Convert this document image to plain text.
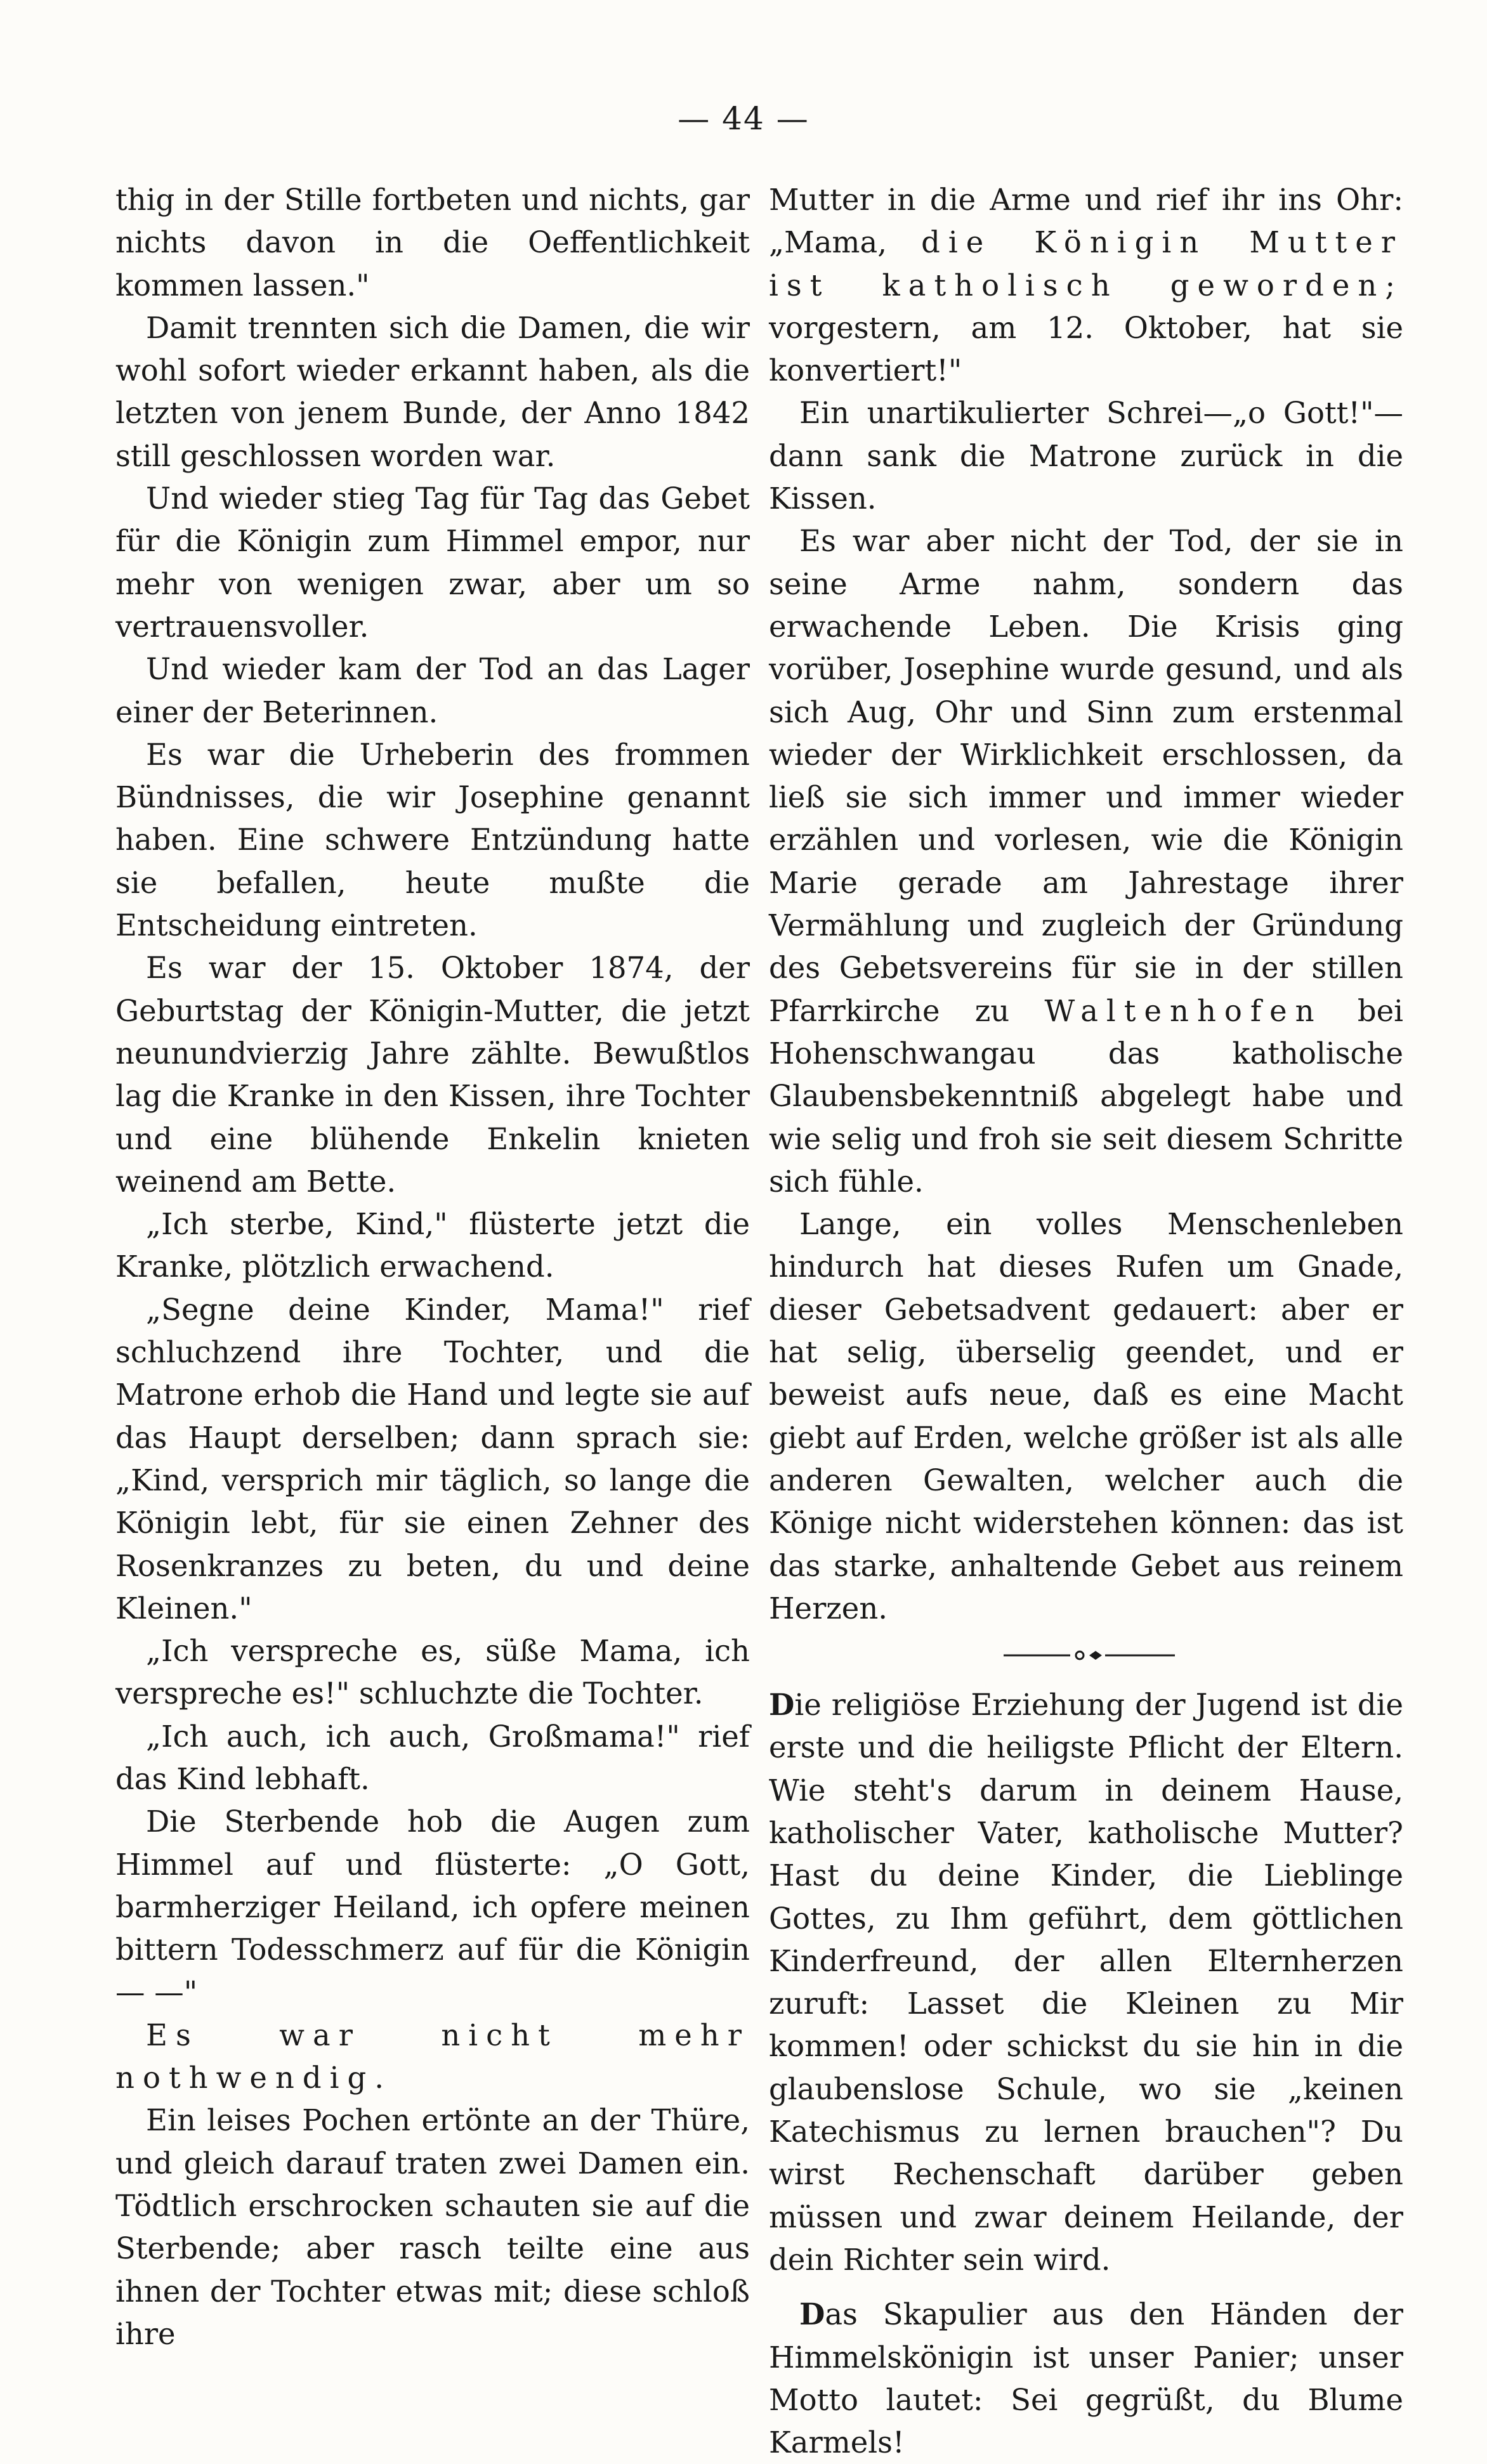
— 44 —

thig in der Stille fortbeten und nichts, gar nichts davon in die Oeffentlichkeit kommen lassen."

Damit trennten sich die Damen, die wir wohl sofort wieder erkannt haben, als die letzten von jenem Bunde, der Anno 1842 still geschlossen worden war.

Und wieder stieg Tag für Tag das Gebet für die Königin zum Himmel empor, nur mehr von wenigen zwar, aber um so vertrauensvoller.

Und wieder kam der Tod an das Lager einer der Beterinnen.

Es war die Urheberin des frommen Bündnisses, die wir Josephine genannt haben. Eine schwere Entzündung hatte sie befallen, heute mußte die Entscheidung eintreten.

Es war der 15. Oktober 1874, der Geburtstag der Königin-Mutter, die jetzt neunundvierzig Jahre zählte. Bewußtlos lag die Kranke in den Kissen, ihre Tochter und eine blühende Enkelin knieten weinend am Bette.

„Ich sterbe, Kind," flüsterte jetzt die Kranke, plötzlich erwachend.

„Segne deine Kinder, Mama!" rief schluchzend ihre Tochter, und die Matrone erhob die Hand und legte sie auf das Haupt derselben; dann sprach sie: „Kind, versprich mir täglich, so lange die Königin lebt, für sie einen Zehner des Rosenkranzes zu beten, du und deine Kleinen."

„Ich verspreche es, süße Mama, ich verspreche es!" schluchzte die Tochter.

„Ich auch, ich auch, Großmama!" rief das Kind lebhaft.

Die Sterbende hob die Augen zum Himmel auf und flüsterte: „O Gott, barmherziger Heiland, ich opfere meinen bittern Todesschmerz auf für die Königin — —"

Es war nicht mehr nothwendig.

Ein leises Pochen ertönte an der Thüre, und gleich darauf traten zwei Damen ein. Tödtlich erschrocken schauten sie auf die Sterbende; aber rasch teilte eine aus ihnen der Tochter etwas mit; diese schloß ihre

Mutter in die Arme und rief ihr ins Ohr: „Mama, die Königin Mutter ist katholisch geworden; vorgestern, am 12. Oktober, hat sie konvertiert!"

Ein unartikulierter Schrei—„o Gott!"— dann sank die Matrone zurück in die Kissen.

Es war aber nicht der Tod, der sie in seine Arme nahm, sondern das erwachende Leben. Die Krisis ging vorüber, Josephine wurde gesund, und als sich Aug, Ohr und Sinn zum erstenmal wieder der Wirklichkeit erschlossen, da ließ sie sich immer und immer wieder erzählen und vorlesen, wie die Königin Marie gerade am Jahrestage ihrer Vermählung und zugleich der Gründung des Gebetsvereins für sie in der stillen Pfarrkirche zu Waltenhofen bei Hohenschwangau das katholische Glaubensbekenntniß abgelegt habe und wie selig und froh sie seit diesem Schritte sich fühle.

Lange, ein volles Menschenleben hindurch hat dieses Rufen um Gnade, dieser Gebetsadvent gedauert: aber er hat selig, überselig geendet, und er beweist aufs neue, daß es eine Macht giebt auf Erden, welche größer ist als alle anderen Gewalten, welcher auch die Könige nicht widerstehen können: das ist das starke, anhaltende Gebet aus reinem Herzen.

Die religiöse Erziehung der Jugend ist die erste und die heiligste Pflicht der Eltern. Wie steht's darum in deinem Hause, katholischer Vater, katholische Mutter? Hast du deine Kinder, die Lieblinge Gottes, zu Ihm geführt, dem göttlichen Kinderfreund, der allen Elternherzen zuruft: Lasset die Kleinen zu Mir kommen! oder schickst du sie hin in die glaubenslose Schule, wo sie „keinen Katechismus zu lernen brauchen"? Du wirst Rechenschaft darüber geben müssen und zwar deinem Heilande, der dein Richter sein wird.

Das Skapulier aus den Händen der Himmelskönigin ist unser Panier; unser Motto lautet: Sei gegrüßt, du Blume Karmels!
